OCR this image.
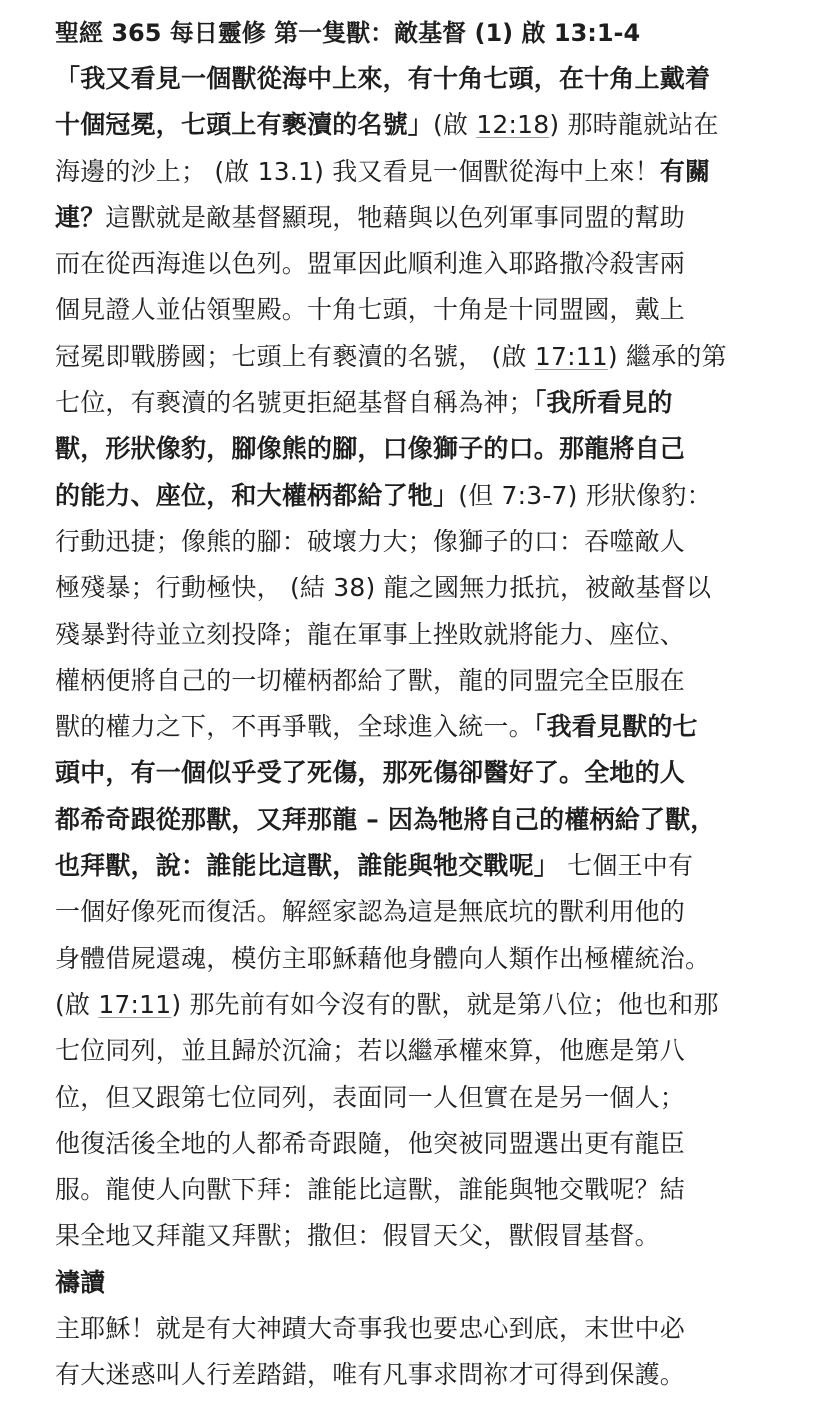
聖經 365 每日靈修 第一隻獸：敵基督 (1) 啟 13:1-4
「我又看見一個獸從海中上來，有十角七頭，在十角上戴着
十個冠冕，七頭上有褻瀆的名號」(啟 12:18) 那時龍就站在
海邊的沙上； (啟 13.1) 我又看見一個獸從海中上來！有關
連？這獸就是敵基督顯現，牠藉與以色列軍事同盟的幫助
而在從西海進以色列。盟軍因此順利進入耶路撒冷殺害兩
個見證人並佔領聖殿。十角七頭，十角是十同盟國，戴上
冠冕即戰勝國；七頭上有褻瀆的名號， (啟 17:11) 繼承的第
七位，有褻瀆的名號更拒絕基督自稱為神；「我所看見的
獸，形狀像豹，腳像熊的腳，口像獅子的口。那龍將自己
的能力、座位，和大權柄都給了牠」(但 7:3-7) 形狀像豹：
行動迅捷；像熊的腳：破壞力大；像獅子的口：吞噬敵人
極殘暴；行動極快， (結 38) 龍之國無力抵抗，被敵基督以
殘暴對待並立刻投降；龍在軍事上挫敗就將能力、座位、
權柄便將自己的一切權柄都給了獸，龍的同盟完全臣服在
獸的權力之下，不再爭戰，全球進入統一。「我看見獸的七
頭中，有一個似乎受了死傷，那死傷卻醫好了。全地的人
都希奇跟從那獸，又拜那龍 – 因為牠將自己的權柄給了獸，
也拜獸，說：誰能比這獸，誰能與牠交戰呢」 七個王中有
一個好像死而復活。解經家認為這是無底坑的獸利用他的
身體借屍還魂，模仿主耶穌藉他身體向人類作出極權統治。
(啟 17:11) 那先前有如今沒有的獸，就是第八位；他也和那
七位同列，並且歸於沉淪；若以繼承權來算，他應是第八
位，但又跟第七位同列，表面同一人但實在是另一個人；
他復活後全地的人都希奇跟隨，他突被同盟選出更有龍臣
服。龍使人向獸下拜：誰能比這獸，誰能與牠交戰呢？結
果全地又拜龍又拜獸；撒但：假冒天父，獸假冒基督。
禱讀
主耶穌！就是有大神蹟大奇事我也要忠心到底，末世中必
有大迷惑叫人行差踏錯，唯有凡事求問祢才可得到保護。
